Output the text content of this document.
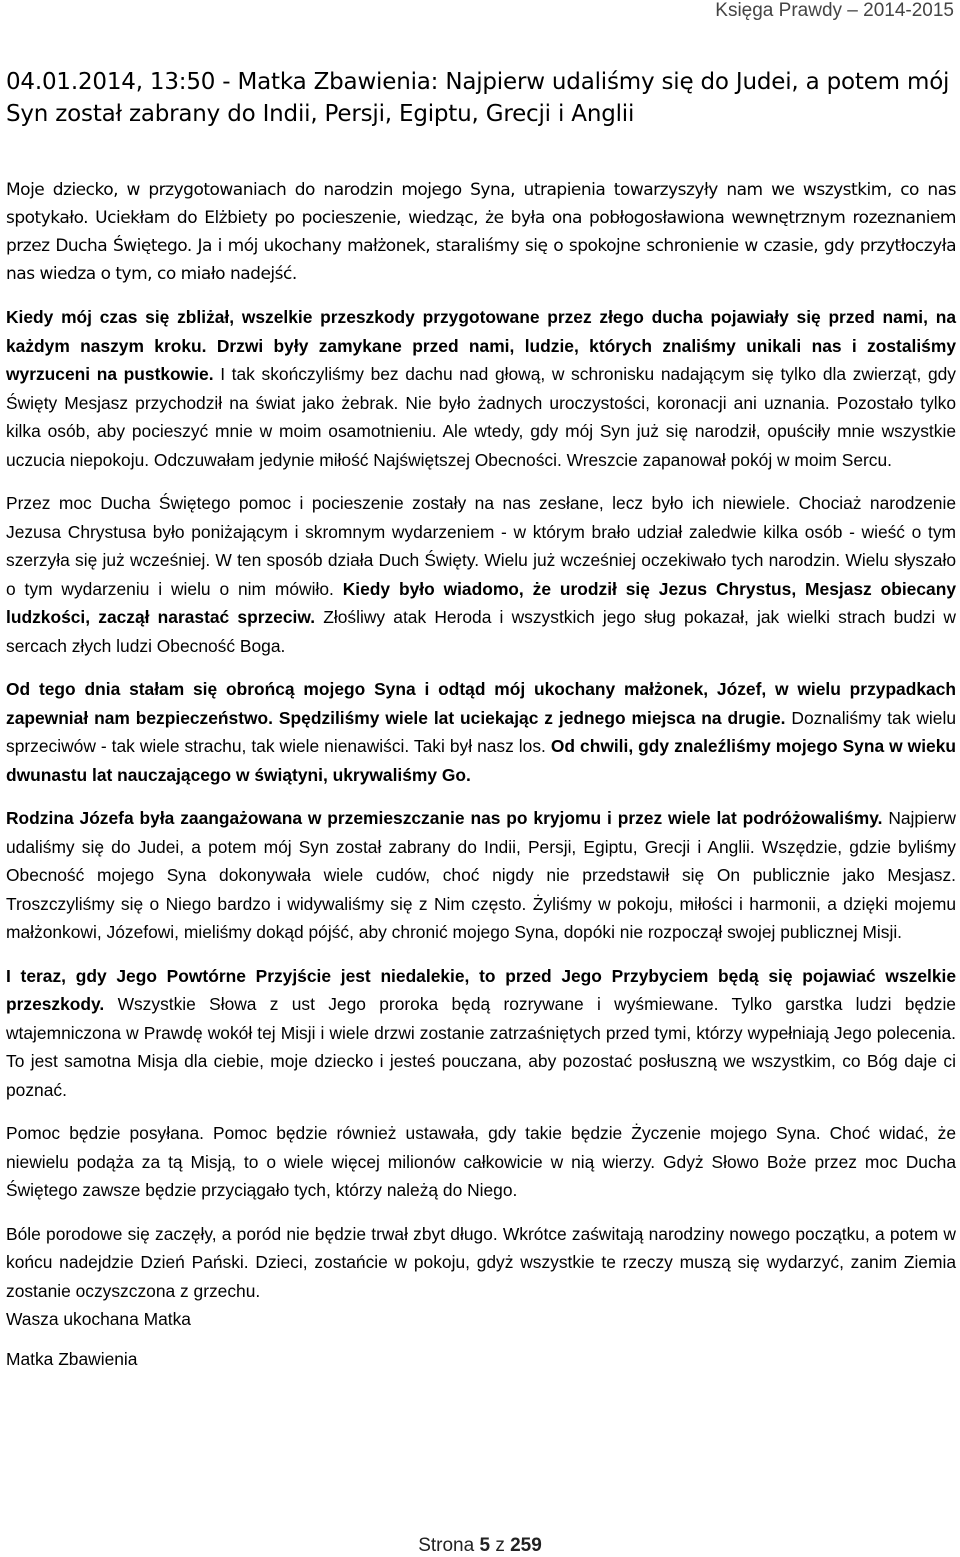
Księga Prawdy – 2014-2015
04.01.2014, 13:50 - Matka Zbawienia: Najpierw udaliśmy się do Judei, a potem mój Syn został zabrany do Indii, Persji, Egiptu, Grecji i Anglii

Moje dziecko, w przygotowaniach do narodzin mojego Syna, utrapienia towarzyszyły nam we wszystkim, co nas spotykało. Uciekłam do Elżbiety po pocieszenie, wiedząc, że była ona pobłogosławiona wewnętrznym rozeznaniem przez Ducha Świętego. Ja i mój ukochany małżonek, staraliśmy się o spokojne schronienie w czasie, gdy przytłoczyła nas wiedza o tym, co miało nadejść.

Kiedy mój czas się zbliżał, wszelkie przeszkody przygotowane przez złego ducha pojawiały się przed nami, na każdym naszym kroku. Drzwi były zamykane przed nami, ludzie, których znaliśmy unikali nas i zostaliśmy wyrzuceni na pustkowie. I tak skończyliśmy bez dachu nad głową, w schronisku nadającym się tylko dla zwierząt, gdy Święty Mesjasz przychodził na świat jako żebrak. Nie było żadnych uroczystości, koronacji ani uznania. Pozostało tylko kilka osób, aby pocieszyć mnie w moim osamotnieniu. Ale wtedy, gdy mój Syn już się narodził, opuściły mnie wszystkie uczucia niepokoju. Odczuwałam jedynie miłość Najświętszej Obecności. Wreszcie zapanował pokój w moim Sercu.

Przez moc Ducha Świętego pomoc i pocieszenie zostały na nas zesłane, lecz było ich niewiele. Chociaż narodzenie Jezusa Chrystusa było poniżającym i skromnym wydarzeniem - w którym brało udział zaledwie kilka osób - wieść o tym szerzyła się już wcześniej. W ten sposób działa Duch Święty. Wielu już wcześniej oczekiwało tych narodzin. Wielu słyszało o tym wydarzeniu i wielu o nim mówiło. Kiedy było wiadomo, że urodził się Jezus Chrystus, Mesjasz obiecany ludzkości, zaczął narastać sprzeciw. Złośliwy atak Heroda i wszystkich jego sług pokazał, jak wielki strach budzi w sercach złych ludzi Obecność Boga.

Od tego dnia stałam się obrońcą mojego Syna i odtąd mój ukochany małżonek, Józef, w wielu przypadkach zapewniał nam bezpieczeństwo. Spędziliśmy wiele lat uciekając z jednego miejsca na drugie. Doznaliśmy tak wielu sprzeciwów - tak wiele strachu, tak wiele nienawiści. Taki był nasz los. Od chwili, gdy znaleźliśmy mojego Syna w wieku dwunastu lat nauczającego w świątyni, ukrywaliśmy Go.

Rodzina Józefa była zaangażowana w przemieszczanie nas po kryjomu i przez wiele lat podróżowaliśmy. Najpierw udaliśmy się do Judei, a potem mój Syn został zabrany do Indii, Persji, Egiptu, Grecji i Anglii. Wszędzie, gdzie byliśmy Obecność mojego Syna dokonywała wiele cudów, choć nigdy nie przedstawił się On publicznie jako Mesjasz. Troszczyliśmy się o Niego bardzo i widywaliśmy się z Nim często. Żyliśmy w pokoju, miłości i harmonii, a dzięki mojemu małżonkowi, Józefowi, mieliśmy dokąd pójść, aby chronić mojego Syna, dopóki nie rozpoczął swojej publicznej Misji.

I teraz, gdy Jego Powtórne Przyjście jest niedalekie, to przed Jego Przybyciem będą się pojawiać wszelkie przeszkody. Wszystkie Słowa z ust Jego proroka będą rozrywane i wyśmiewane. Tylko garstka ludzi będzie wtajemniczona w Prawdę wokół tej Misji i wiele drzwi zostanie zatrzaśniętych przed tymi, którzy wypełniają Jego polecenia. To jest samotna Misja dla ciebie, moje dziecko i jesteś pouczana, aby pozostać posłuszną we wszystkim, co Bóg daje ci poznać.

Pomoc będzie posyłana. Pomoc będzie również ustawała, gdy takie będzie Życzenie mojego Syna. Choć widać, że niewielu podąża za tą Misją, to o wiele więcej milionów całkowicie w nią wierzy. Gdyż Słowo Boże przez moc Ducha Świętego zawsze będzie przyciągało tych, którzy należą do Niego.

Bóle porodowe się zaczęły, a poród nie będzie trwał zbyt długo. Wkrótce zaświtają narodziny nowego początku, a potem w końcu nadejdzie Dzień Pański. Dzieci, zostańcie w pokoju, gdyż wszystkie te rzeczy muszą się wydarzyć, zanim Ziemia zostanie oczyszczona z grzechu.

Wasza ukochana Matka

Matka Zbawienia

Strona 5 z 259
